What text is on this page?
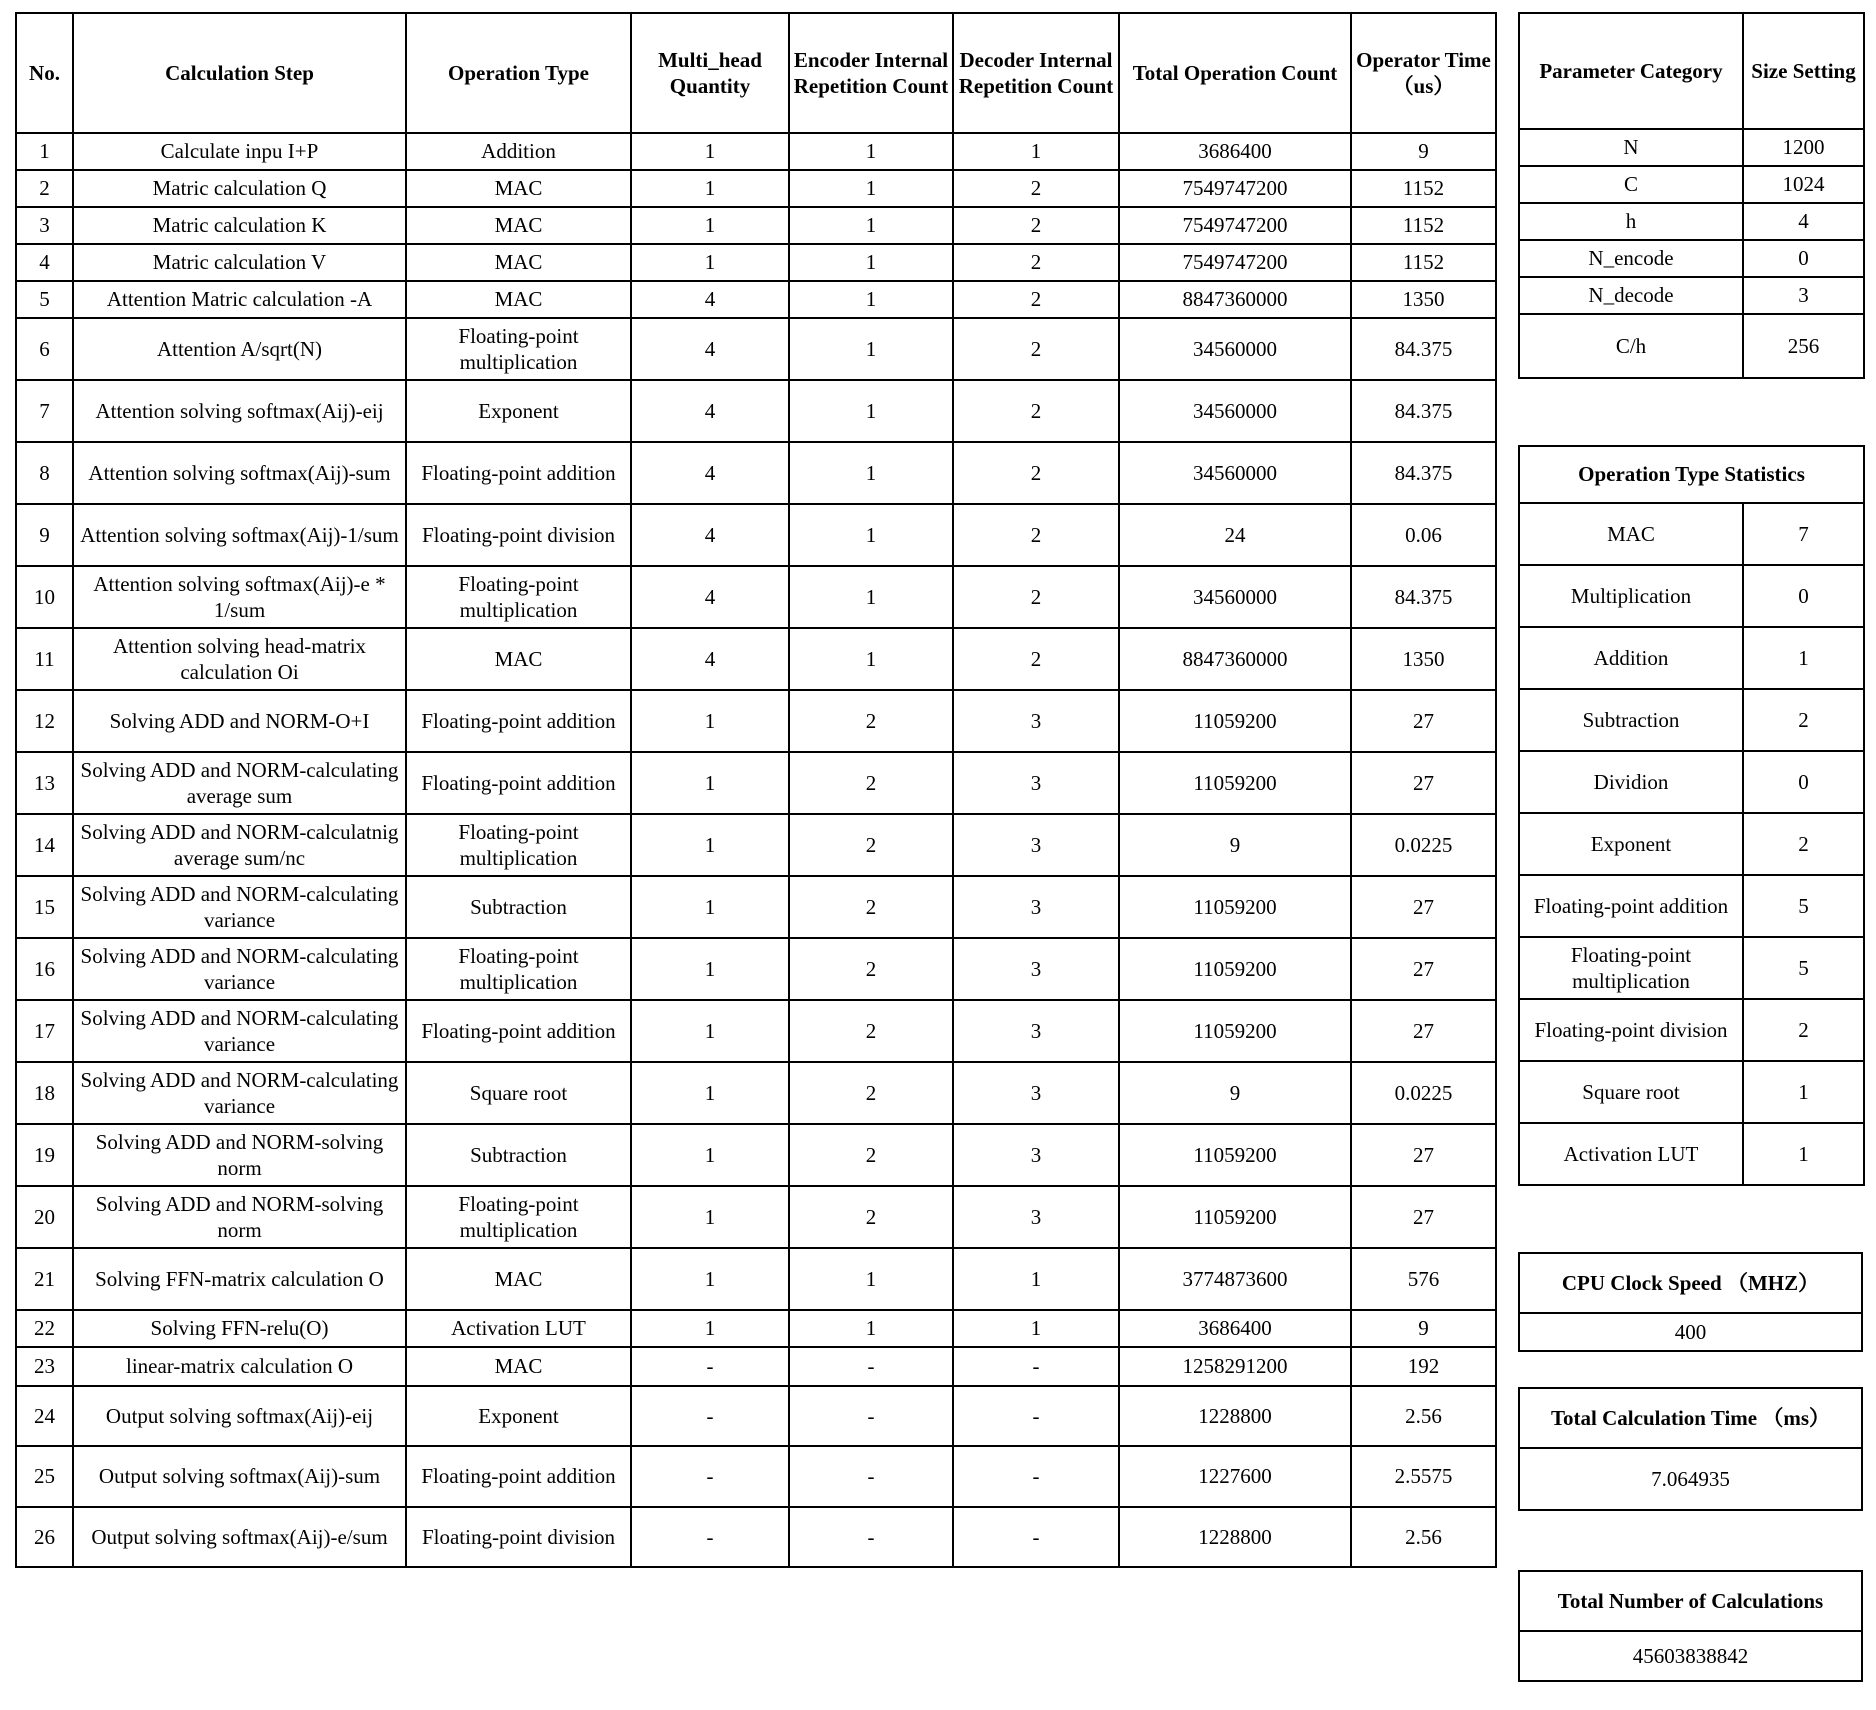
No.	Calculation Step	Operation Type	Multi_head Quantity	Encoder Internal Repetition Count	Decoder Internal Repetition Count	Total Operation Count	Operator Time （us）
1	Calculate inpu I+P	Addition	1	1	1	3686400	9
2	Matric calculation Q	MAC	1	1	2	7549747200	1152
3	Matric calculation K	MAC	1	1	2	7549747200	1152
4	Matric calculation V	MAC	1	1	2	7549747200	1152
5	Attention Matric calculation -A	MAC	4	1	2	8847360000	1350
6	Attention A/sqrt(N)	Floating-point multiplication	4	1	2	34560000	84.375
7	Attention solving softmax(Aij)-eij	Exponent	4	1	2	34560000	84.375
8	Attention solving softmax(Aij)-sum	Floating-point addition	4	1	2	34560000	84.375
9	Attention solving softmax(Aij)-1/sum	Floating-point division	4	1	2	24	0.06
10	Attention solving softmax(Aij)-e * 1/sum	Floating-point multiplication	4	1	2	34560000	84.375
11	Attention solving head-matrix calculation Oi	MAC	4	1	2	8847360000	1350
12	Solving ADD and NORM-O+I	Floating-point addition	1	2	3	11059200	27
13	Solving ADD and NORM-calculating average sum	Floating-point addition	1	2	3	11059200	27
14	Solving ADD and NORM-calculatnig average sum/nc	Floating-point multiplication	1	2	3	9	0.0225
15	Solving ADD and NORM-calculating variance	Subtraction	1	2	3	11059200	27
16	Solving ADD and NORM-calculating variance	Floating-point multiplication	1	2	3	11059200	27
17	Solving ADD and NORM-calculating variance	Floating-point addition	1	2	3	11059200	27
18	Solving ADD and NORM-calculating variance	Square root	1	2	3	9	0.0225
19	Solving ADD and NORM-solving norm	Subtraction	1	2	3	11059200	27
20	Solving ADD and NORM-solving norm	Floating-point multiplication	1	2	3	11059200	27
21	Solving FFN-matrix calculation O	MAC	1	1	1	3774873600	576
22	Solving FFN-relu(O)	Activation LUT	1	1	1	3686400	9
23	linear-matrix calculation O	MAC	-	-	-	1258291200	192
24	Output solving softmax(Aij)-eij	Exponent	-	-	-	1228800	2.56
25	Output solving softmax(Aij)-sum	Floating-point addition	-	-	-	1227600	2.5575
26	Output solving softmax(Aij)-e/sum	Floating-point division	-	-	-	1228800	2.56
Parameter Category	Size Setting
N	1200
C	1024
h	4
N_encode	0
N_decode	3
C/h	256
Operation Type Statistics	
MAC	7
Multiplication	0
Addition	1
Subtraction	2
Dividion	0
Exponent	2
Floating-point addition	5
Floating-point multiplication	5
Floating-point division	2
Square root	1
Activation LUT	1
CPU Clock Speed （MHZ）
400
Total Calculation Time （ms）
7.064935
Total Number of Calculations
45603838842
